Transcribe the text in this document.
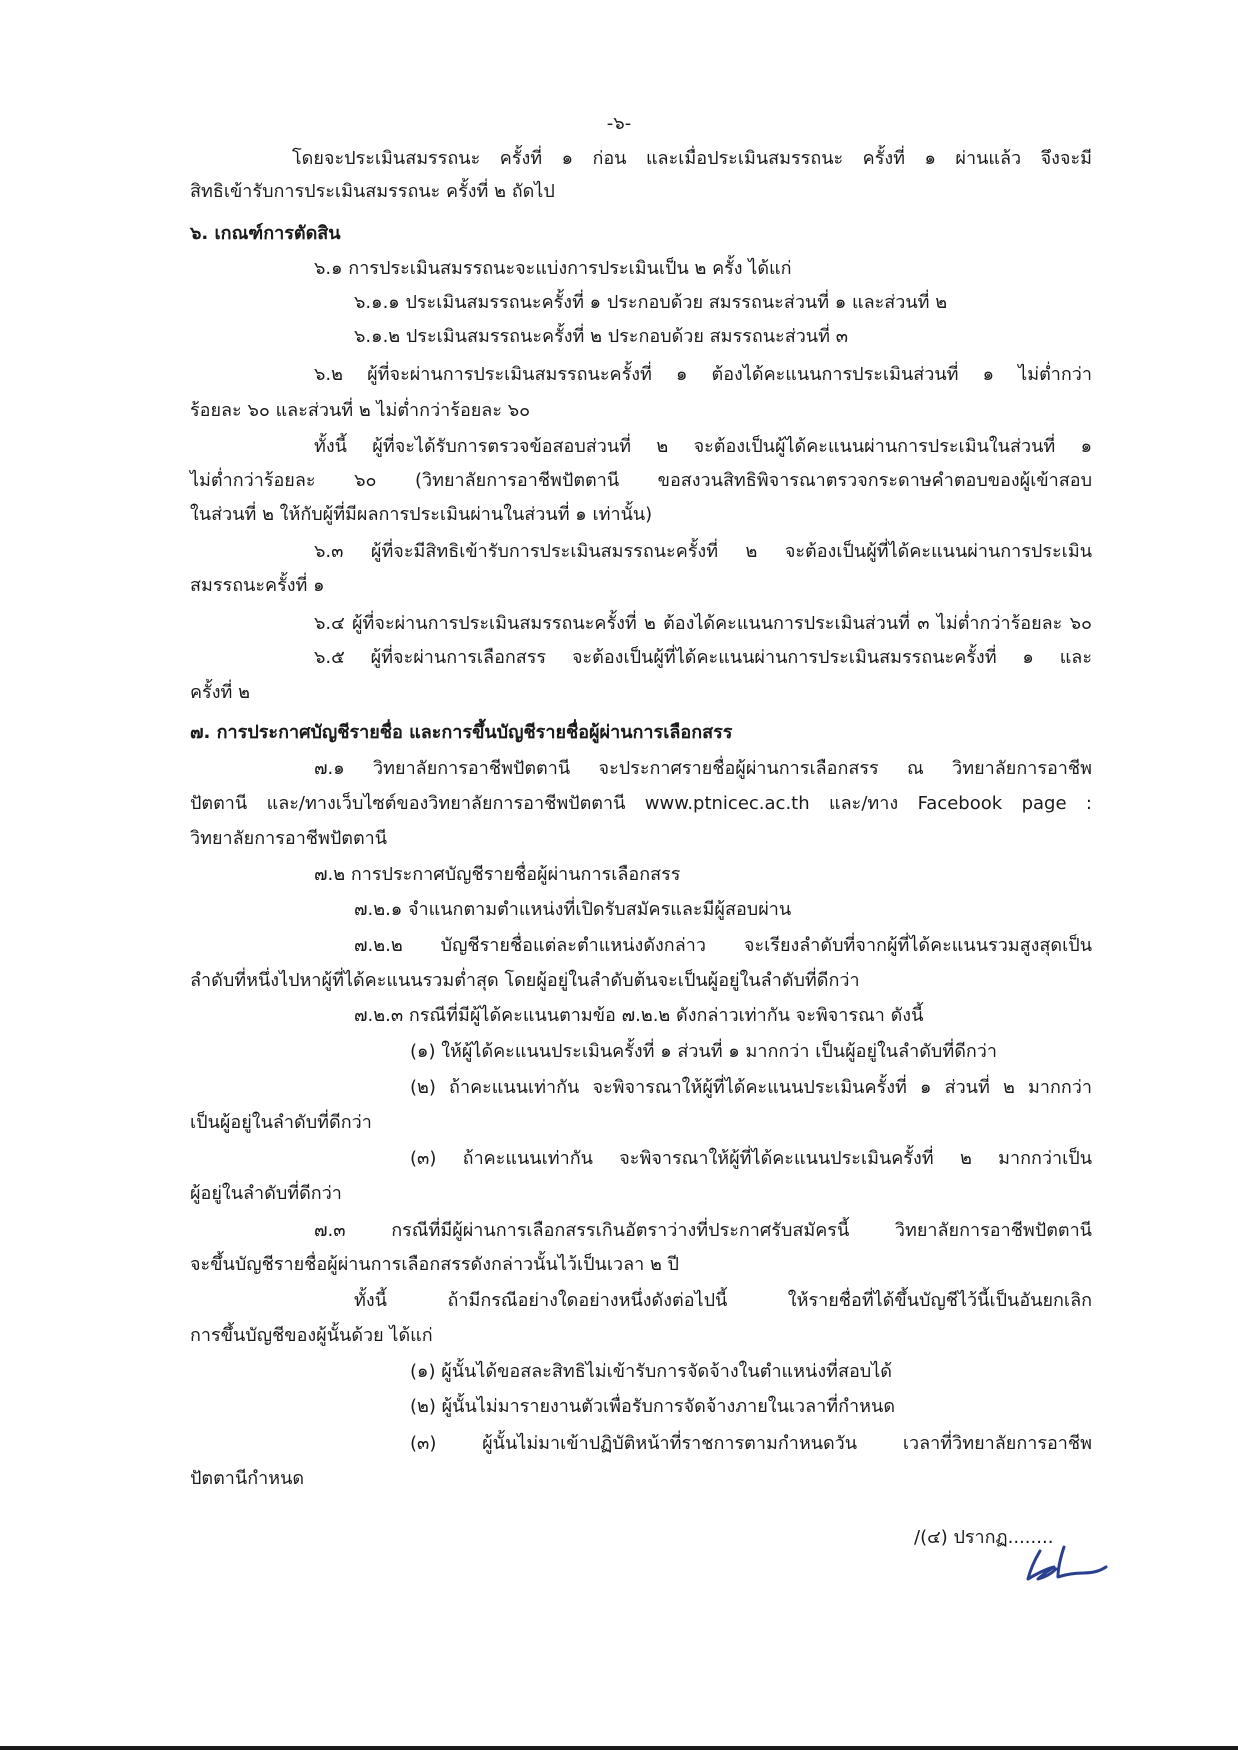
-๖-
โดยจะประเมินสมรรถนะ ครั้งที่ ๑ ก่อน และเมื่อประเมินสมรรถนะ ครั้งที่ ๑ ผ่านแล้ว จึงจะมี
สิทธิเข้ารับการประเมินสมรรถนะ ครั้งที่ ๒ ถัดไป
๖. เกณฑ์การตัดสิน
๖.๑ การประเมินสมรรถนะจะแบ่งการประเมินเป็น ๒ ครั้ง ได้แก่
๖.๑.๑ ประเมินสมรรถนะครั้งที่ ๑ ประกอบด้วย สมรรถนะส่วนที่ ๑ และส่วนที่ ๒
๖.๑.๒ ประเมินสมรรถนะครั้งที่ ๒ ประกอบด้วย สมรรถนะส่วนที่ ๓
๖.๒ ผู้ที่จะผ่านการประเมินสมรรถนะครั้งที่ ๑ ต้องได้คะแนนการประเมินส่วนที่ ๑ ไม่ต่ำกว่า
ร้อยละ ๖๐ และส่วนที่ ๒ ไม่ต่ำกว่าร้อยละ ๖๐
ทั้งนี้ ผู้ที่จะได้รับการตรวจข้อสอบส่วนที่ ๒ จะต้องเป็นผู้ได้คะแนนผ่านการประเมินในส่วนที่ ๑
ไม่ต่ำกว่าร้อยละ ๖๐ (วิทยาลัยการอาชีพปัตตานี ขอสงวนสิทธิพิจารณาตรวจกระดาษคำตอบของผู้เข้าสอบ
ในส่วนที่ ๒ ให้กับผู้ที่มีผลการประเมินผ่านในส่วนที่ ๑ เท่านั้น)
๖.๓ ผู้ที่จะมีสิทธิเข้ารับการประเมินสมรรถนะครั้งที่ ๒ จะต้องเป็นผู้ที่ได้คะแนนผ่านการประเมิน
สมรรถนะครั้งที่ ๑
๖.๔ ผู้ที่จะผ่านการประเมินสมรรถนะครั้งที่ ๒ ต้องได้คะแนนการประเมินส่วนที่ ๓ ไม่ต่ำกว่าร้อยละ ๖๐
๖.๕ ผู้ที่จะผ่านการเลือกสรร จะต้องเป็นผู้ที่ได้คะแนนผ่านการประเมินสมรรถนะครั้งที่ ๑ และ
ครั้งที่ ๒
๗. การประกาศบัญชีรายชื่อ และการขึ้นบัญชีรายชื่อผู้ผ่านการเลือกสรร
๗.๑ วิทยาลัยการอาชีพปัตตานี จะประกาศรายชื่อผู้ผ่านการเลือกสรร ณ วิทยาลัยการอาชีพ
ปัตตานี และ/ทางเว็บไซต์ของวิทยาลัยการอาชีพปัตตานี www.ptnicec.ac.th และ/ทาง Facebook page :
วิทยาลัยการอาชีพปัตตานี
๗.๒ การประกาศบัญชีรายชื่อผู้ผ่านการเลือกสรร
๗.๒.๑ จำแนกตามตำแหน่งที่เปิดรับสมัครและมีผู้สอบผ่าน
๗.๒.๒ บัญชีรายชื่อแต่ละตำแหน่งดังกล่าว จะเรียงลำดับที่จากผู้ที่ได้คะแนนรวมสูงสุดเป็น
ลำดับที่หนึ่งไปหาผู้ที่ได้คะแนนรวมต่ำสุด โดยผู้อยู่ในลำดับต้นจะเป็นผู้อยู่ในลำดับที่ดีกว่า
๗.๒.๓ กรณีที่มีผู้ได้คะแนนตามข้อ ๗.๒.๒ ดังกล่าวเท่ากัน จะพิจารณา ดังนี้
(๑) ให้ผู้ได้คะแนนประเมินครั้งที่ ๑ ส่วนที่ ๑ มากกว่า เป็นผู้อยู่ในลำดับที่ดีกว่า
(๒) ถ้าคะแนนเท่ากัน จะพิจารณาให้ผู้ที่ได้คะแนนประเมินครั้งที่ ๑ ส่วนที่ ๒ มากกว่า
เป็นผู้อยู่ในลำดับที่ดีกว่า
(๓) ถ้าคะแนนเท่ากัน จะพิจารณาให้ผู้ที่ได้คะแนนประเมินครั้งที่ ๒ มากกว่าเป็น
ผู้อยู่ในลำดับที่ดีกว่า
๗.๓ กรณีที่มีผู้ผ่านการเลือกสรรเกินอัตราว่างที่ประกาศรับสมัครนี้ วิทยาลัยการอาชีพปัตตานี
จะขึ้นบัญชีรายชื่อผู้ผ่านการเลือกสรรดังกล่าวนั้นไว้เป็นเวลา ๒ ปี
ทั้งนี้ ถ้ามีกรณีอย่างใดอย่างหนึ่งดังต่อไปนี้ ให้รายชื่อที่ได้ขึ้นบัญชีไว้นี้เป็นอันยกเลิก
การขึ้นบัญชีของผู้นั้นด้วย ได้แก่
(๑) ผู้นั้นได้ขอสละสิทธิไม่เข้ารับการจัดจ้างในตำแหน่งที่สอบได้
(๒) ผู้นั้นไม่มารายงานตัวเพื่อรับการจัดจ้างภายในเวลาที่กำหนด
(๓) ผู้นั้นไม่มาเข้าปฏิบัติหน้าที่ราชการตามกำหนดวัน เวลาที่วิทยาลัยการอาชีพ
ปัตตานีกำหนด
/(๔) ปรากฏ........
